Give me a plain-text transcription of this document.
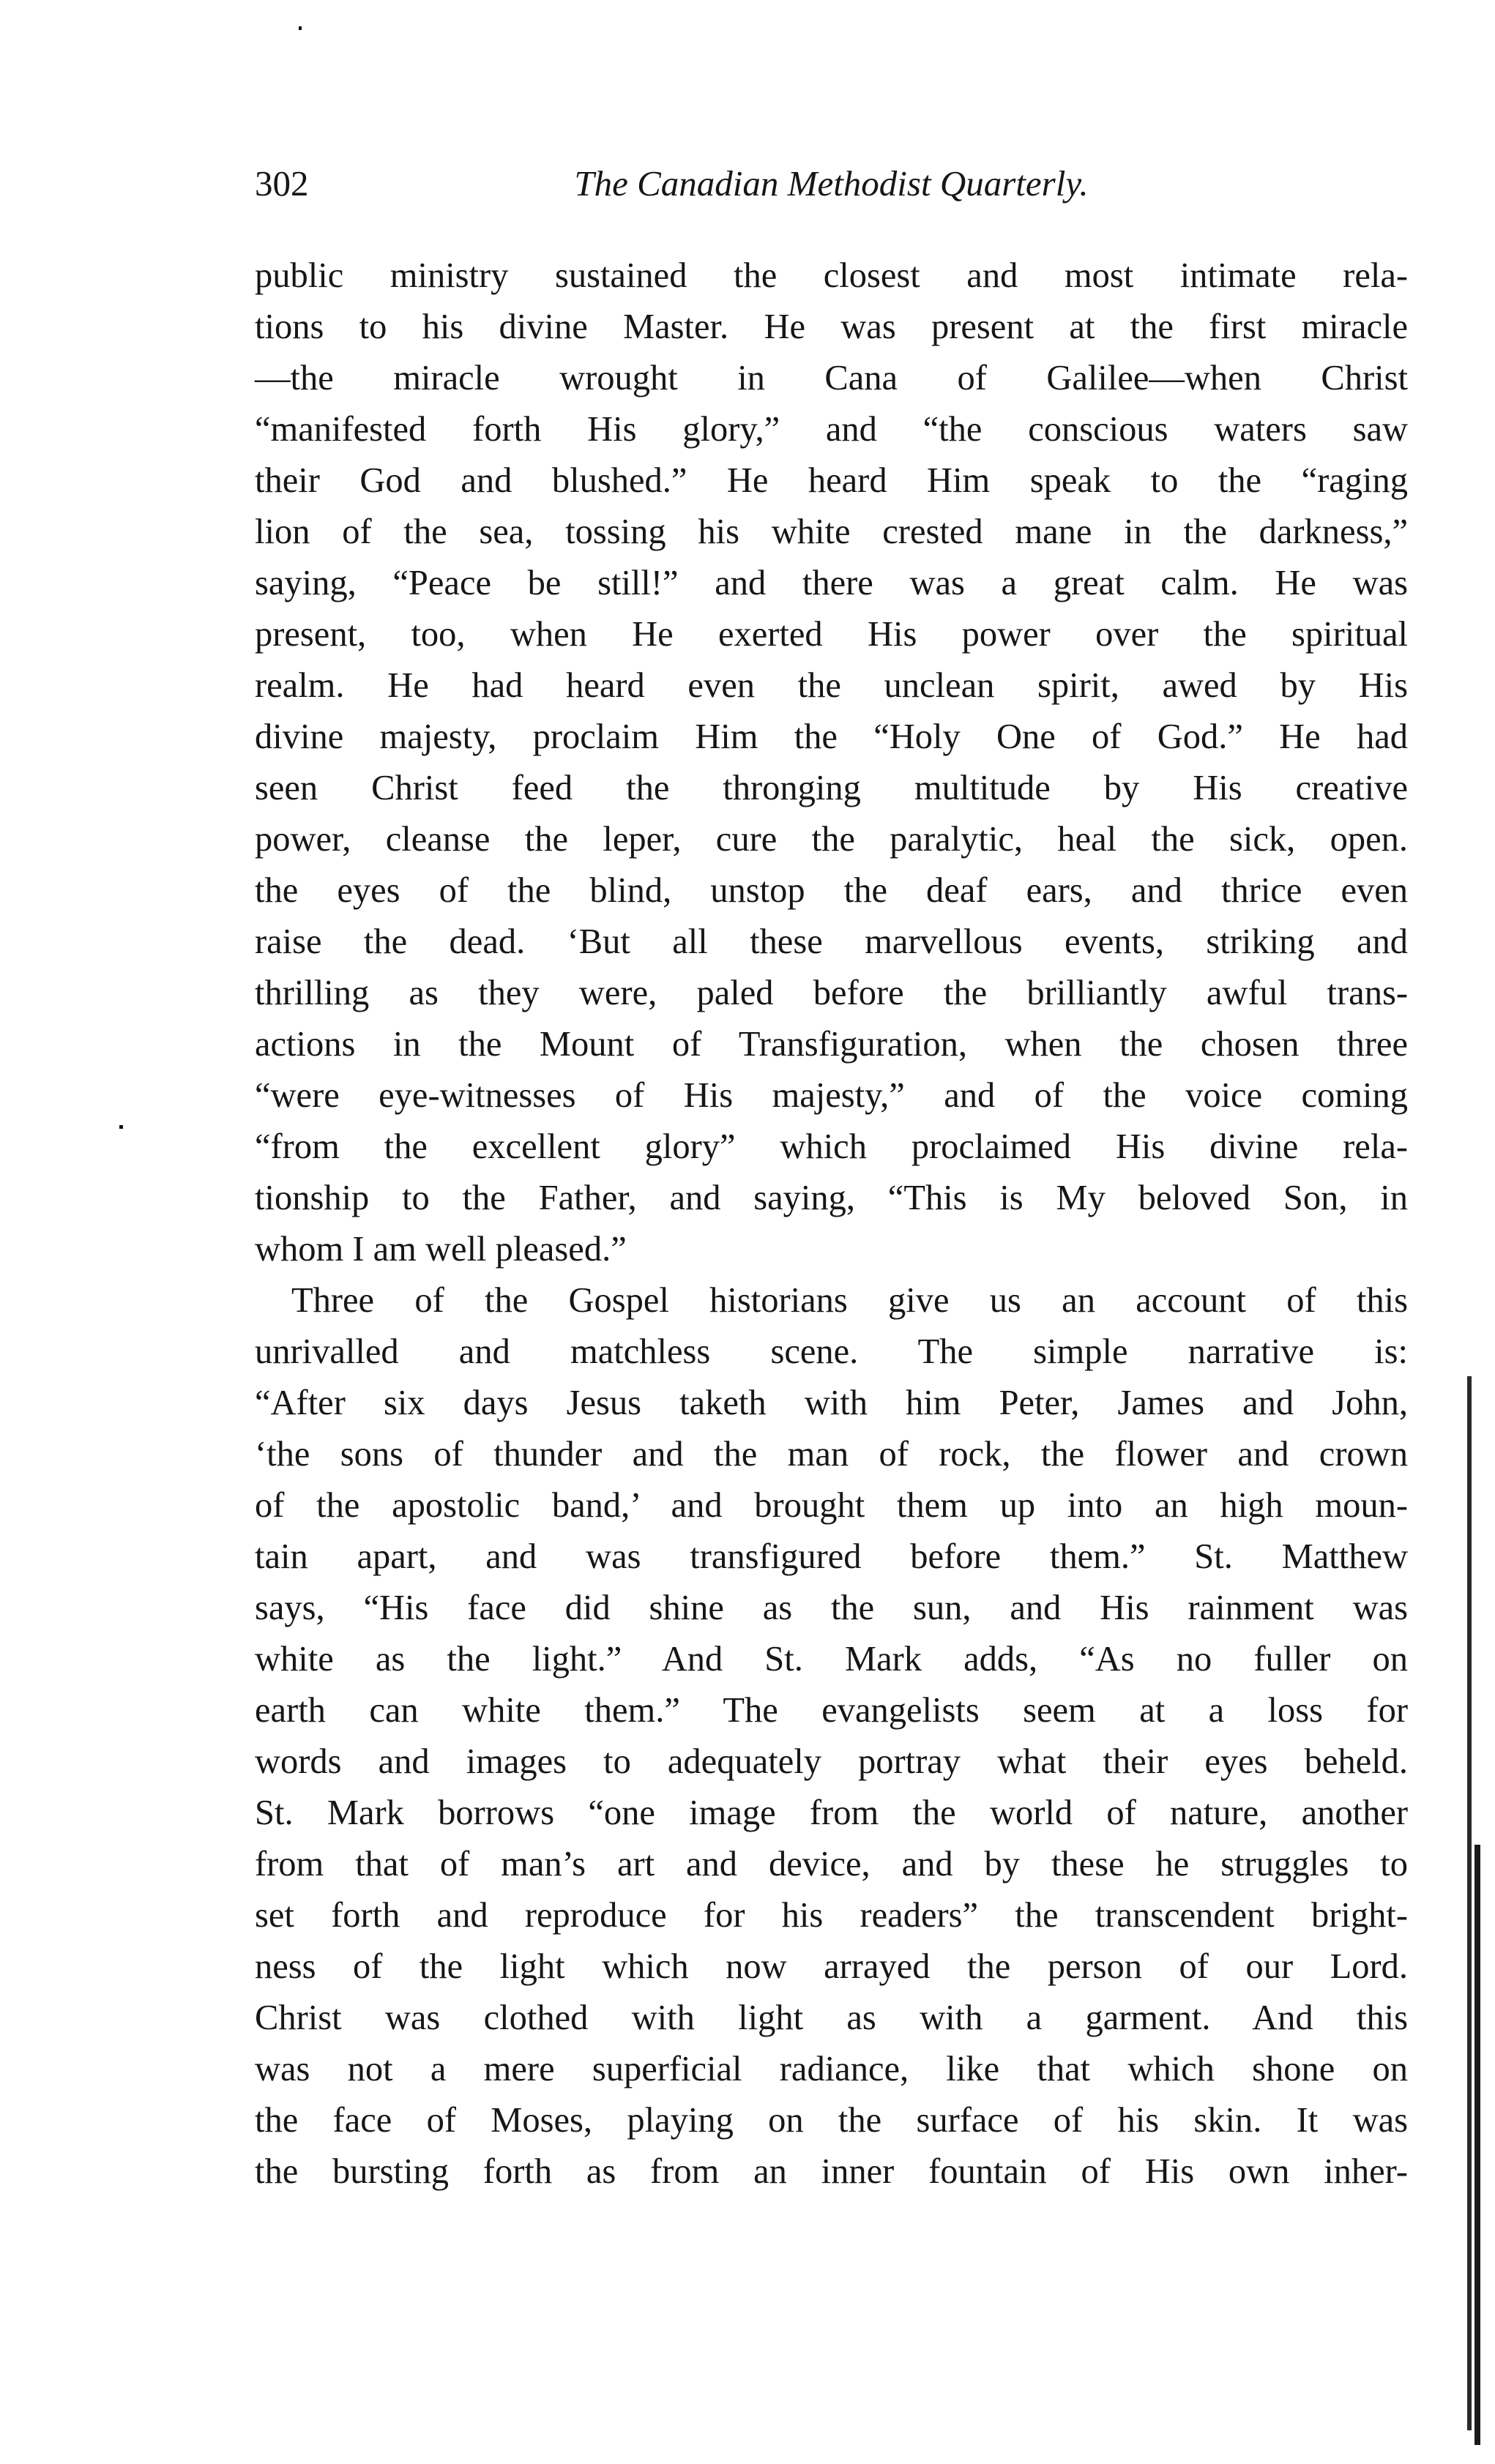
302	The Canadian Methodist Quarterly.

public ministry sustained the closest and most intimate rela-

tions to his divine Master. He was present at the first miracle

—the miracle wrought in Cana of Galilee—when Christ

“manifested forth His glory,” and “the conscious waters saw

their God and blushed.” He heard Him speak to the “raging

lion of the sea, tossing his white crested mane in the darkness,”

saying, “Peace be still!” and there was a great calm. He was

present, too, when He exerted His power over the spiritual

realm. He had heard even the unclean spirit, awed by His

divine majesty, proclaim Him the “Holy One of God.” He had

seen Christ feed the thronging multitude by His creative

power, cleanse the leper, cure the paralytic, heal the sick, open.

the eyes of the blind, unstop the deaf ears, and thrice even

raise the dead. ‘But all these marvellous events, striking and

thrilling as they were, paled before the brilliantly awful trans-

actions in the Mount of Transfiguration, when the chosen three

“were eye-witnesses of His majesty,” and of the voice coming

“from the excellent glory” which proclaimed His divine rela-

tionship to the Father, and saying, “This is My beloved Son, in

whom I am well pleased.”

Three of the Gospel historians give us an account of this

unrivalled and matchless scene. The simple narrative is:

“After six days Jesus taketh with him Peter, James and John,

‘the sons of thunder and the man of rock, the flower and crown

of the apostolic band,’ and brought them up into an high moun-

tain apart, and was transfigured before them.” St. Matthew

says, “His face did shine as the sun, and His rainment was

white as the light.” And St. Mark adds, “As no fuller on

earth can white them.” The evangelists seem at a loss for

words and images to adequately portray what their eyes beheld.

St. Mark borrows “one image from the world of nature, another

from that of man’s art and device, and by these he struggles to

set forth and reproduce for his readers” the transcendent bright-

ness of the light which now arrayed the person of our Lord.

Christ was clothed with light as with a garment. And this

was not a mere superficial radiance, like that which shone on

the face of Moses, playing on the surface of his skin. It was

the bursting forth as from an inner fountain of His own inher-
